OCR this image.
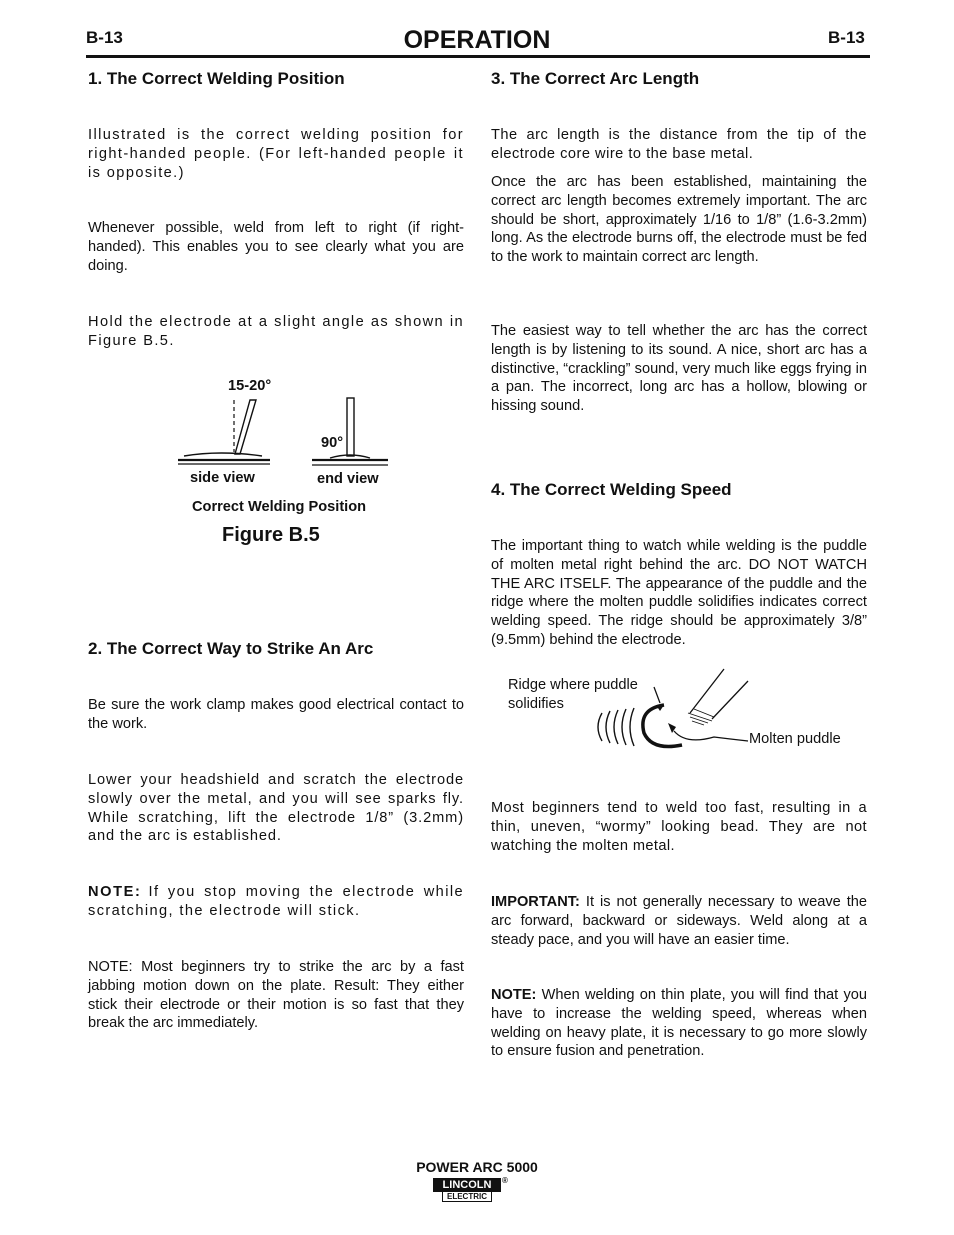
B-13	OPERATION	B-13
1. The Correct Welding Position
Illustrated is the correct welding position for right-handed people. (For left-handed people it is opposite.)
Whenever possible, weld from left to right (if right-handed). This enables you to see clearly what you are doing.
Hold the electrode at a slight angle as shown in Figure B.5.
15-20°
90°
side view	end view
Correct Welding Position
Figure B.5
2. The Correct Way to Strike An Arc
Be sure the work clamp makes good electrical contact to the work.
Lower your headshield and scratch the electrode slowly over the metal, and you will see sparks fly. While scratching, lift the electrode 1/8” (3.2mm) and the arc is established.
NOTE: If you stop moving the electrode while scratching, the electrode will stick.
NOTE: Most beginners try to strike the arc by a fast jabbing motion down on the plate. Result: They either stick their electrode or their motion is so fast that they break the arc immediately.
3. The Correct Arc Length
The arc length is the distance from the tip of the electrode core wire to the base metal.
Once the arc has been established, maintaining the correct arc length becomes extremely important. The arc should be short, approximately 1/16 to 1/8” (1.6-3.2mm) long. As the electrode burns off, the electrode must be fed to the work to maintain correct arc length.
The easiest way to tell whether the arc has the correct length is by listening to its sound. A nice, short arc has a distinctive, “crackling” sound, very much like eggs frying in a pan. The incorrect, long arc has a hollow, blowing or hissing sound.
4. The Correct Welding Speed
The important thing to watch while welding is the puddle of molten metal right behind the arc. DO NOT WATCH THE ARC ITSELF. The appearance of the puddle and the ridge where the molten puddle solidifies indicates correct welding speed. The ridge should be approximately 3/8” (9.5mm) behind the electrode.
Ridge where puddle
solidifies
Molten puddle
Most beginners tend to weld too fast, resulting in a thin, uneven, “wormy” looking bead. They are not watching the molten metal.
IMPORTANT: It is not generally necessary to weave the arc forward, backward or sideways. Weld along at a steady pace, and you will have an easier time.
NOTE: When welding on thin plate, you will find that you have to increase the welding speed, whereas when welding on heavy plate, it is necessary to go more slowly to ensure fusion and penetration.
POWER ARC 5000
LINCOLN
ELECTRIC
®
